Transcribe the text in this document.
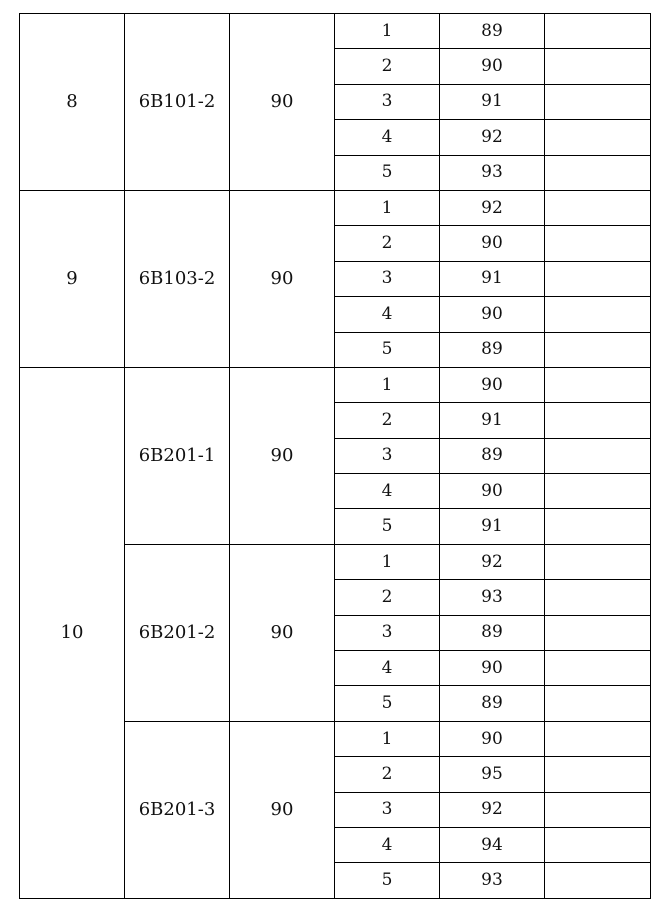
8	6B101-2	90	1	89	
			2	90	
			3	91	
			4	92	
			5	93	
9	6B103-2	90	1	92	
			2	90	
			3	91	
			4	90	
			5	89	
10	6B201-1	90	1	90	
			2	91	
			3	89	
			4	90	
			5	91	
	6B201-2	90	1	92	
			2	93	
			3	89	
			4	90	
			5	89	
	6B201-3	90	1	90	
			2	95	
			3	92	
			4	94	
			5	93	
